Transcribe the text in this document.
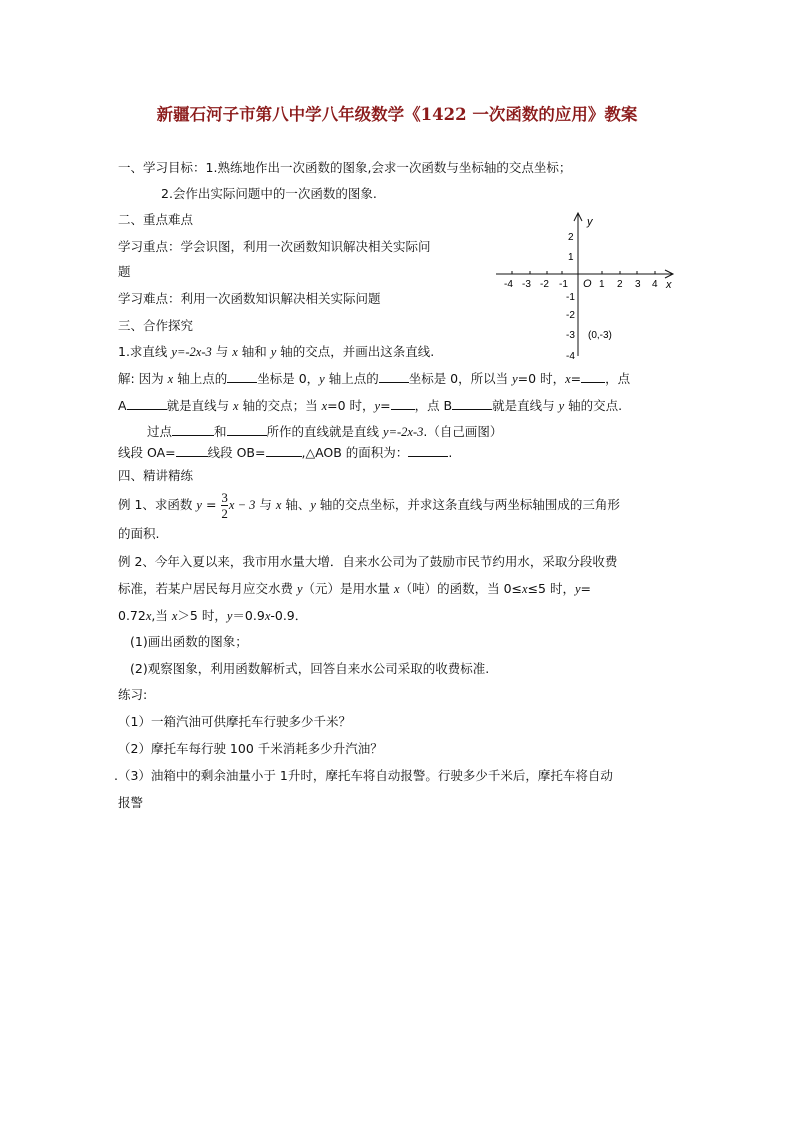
新疆石河子市第八中学八年级数学《1422 一次函数的应用》教案
一、学习目标：1.熟练地作出一次函数的图象,会求一次函数与坐标轴的交点坐标；
2.会作出实际问题中的一次函数的图象.
二、重点难点
学习重点：学会识图，利用一次函数知识解决相关实际问
题
学习难点：利用一次函数知识解决相关实际问题
y
x
O
-4 -3 -2 -1	1 2 3 4
2
1
-1
-2
-3
-4
(0,-3)
三、合作探究
1.求直线 y=-2x-3 与 x 轴和 y 轴的交点，并画出这条直线.
解: 因为 x 轴上点的 坐标是 0，y 轴上点的 坐标是 0，所以当 y=0 时，x= ，点
A	就是直线与 x 轴的交点；当 x=0 时，y= ，点 B	就是直线与 y 轴的交点.
过点	和	所作的直线就是直线 y=-2x-3.（自己画图）
线段 OA=	线段 OB=	,△AOB 的面积为：	.
四、精讲精练
例 1、求函数 $y = \frac{3}{2}$ x − 3 与 x 轴、y 轴的交点坐标，并求这条直线与两坐标轴围成的三角形
的面积.
例 2、今年入夏以来，我市用水量大增．自来水公司为了鼓励市民节约用水，采取分段收费
标准，若某户居民每月应交水费 y（元）是用水量 x（吨）的函数，当 0≤x≤5 时，y=
0.72x,当 x＞5 时，y＝0.9x-0.9．
(1)画出函数的图象；
(2)观察图象，利用函数解析式，回答自来水公司采取的收费标准.
练习:
（1）一箱汽油可供摩托车行驶多少千米？
（2）摩托车每行驶 100 千米消耗多少升汽油？
.（3）油箱中的剩余油量小于 1升时，摩托车将自动报警。行驶多少千米后，摩托车将自动
报警
